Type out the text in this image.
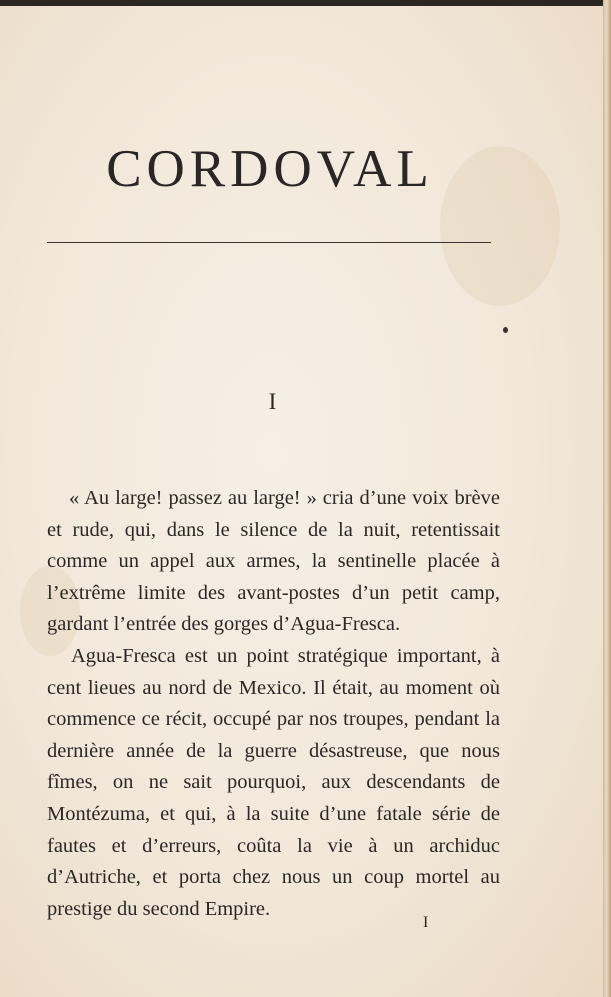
CORDOVAL
I

« Au large! passez au large! » cria d’une voix brève et rude, qui, dans le silence de la nuit, retentissait comme un appel aux armes, la sentinelle placée à l’extrême limite des avant-postes d’un petit camp, gardant l’entrée des gorges d’Agua-Fresca.

Agua-Fresca est un point stratégique important, à cent lieues au nord de Mexico. Il était, au moment où commence ce récit, occupé par nos troupes, pendant la dernière année de la guerre désastreuse, que nous fîmes, on ne sait pourquoi, aux descendants de Montézuma, et qui, à la suite d’une fatale série de fautes et d’erreurs, coûta la vie à un archiduc d’Autriche, et porta chez nous un coup mortel au prestige du second Empire.

I
